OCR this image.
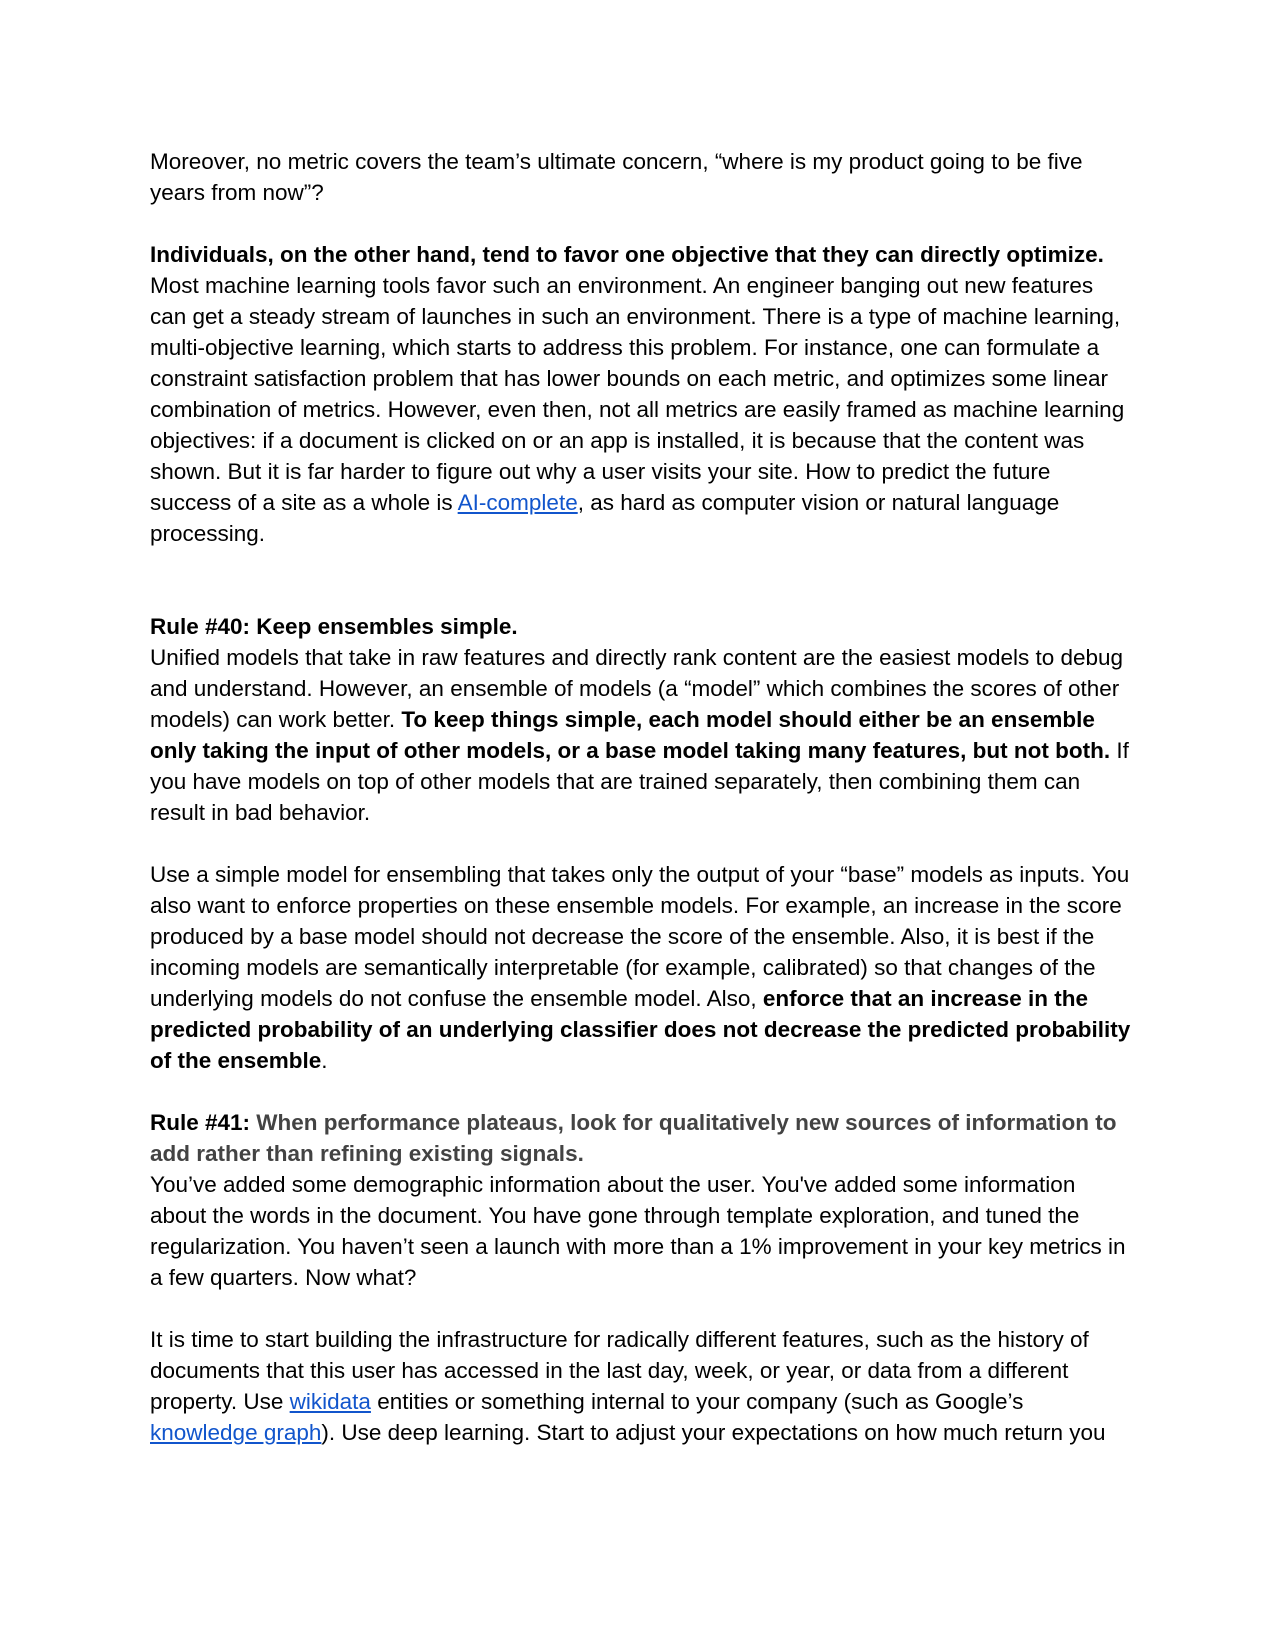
Moreover, no metric covers the team’s ultimate concern, “where is my product going to be five years from now”?

Individuals, on the other hand, tend to favor one objective that they can directly optimize. Most machine learning tools favor such an environment. An engineer banging out new features can get a steady stream of launches in such an environment. There is a type of machine learning, multi-objective learning, which starts to address this problem. For instance, one can formulate a constraint satisfaction problem that has lower bounds on each metric, and optimizes some linear combination of metrics. However, even then, not all metrics are easily framed as machine learning objectives: if a document is clicked on or an app is installed, it is because that the content was shown. But it is far harder to figure out why a user visits your site. How to predict the future success of a site as a whole is AI-complete, as hard as computer vision or natural language processing.

Rule #40: Keep ensembles simple.

Unified models that take in raw features and directly rank content are the easiest models to debug and understand. However, an ensemble of models (a “model” which combines the scores of other models) can work better. To keep things simple, each model should either be an ensemble only taking the input of other models, or a base model taking many features, but not both. If you have models on top of other models that are trained separately, then combining them can result in bad behavior.

Use a simple model for ensembling that takes only the output of your “base” models as inputs. You also want to enforce properties on these ensemble models. For example, an increase in the score produced by a base model should not decrease the score of the ensemble. Also, it is best if the incoming models are semantically interpretable (for example, calibrated) so that changes of the underlying models do not confuse the ensemble model. Also, enforce that an increase in the predicted probability of an underlying classifier does not decrease the predicted probability of the ensemble.

Rule #41: When performance plateaus, look for qualitatively new sources of information to add rather than refining existing signals.

You’ve added some demographic information about the user. You've added some information about the words in the document. You have gone through template exploration, and tuned the regularization. You haven’t seen a launch with more than a 1% improvement in your key metrics in a few quarters. Now what?

It is time to start building the infrastructure for radically different features, such as the history of documents that this user has accessed in the last day, week, or year, or data from a different property. Use wikidata entities or something internal to your company (such as Google’s knowledge graph). Use deep learning. Start to adjust your expectations on how much return you
